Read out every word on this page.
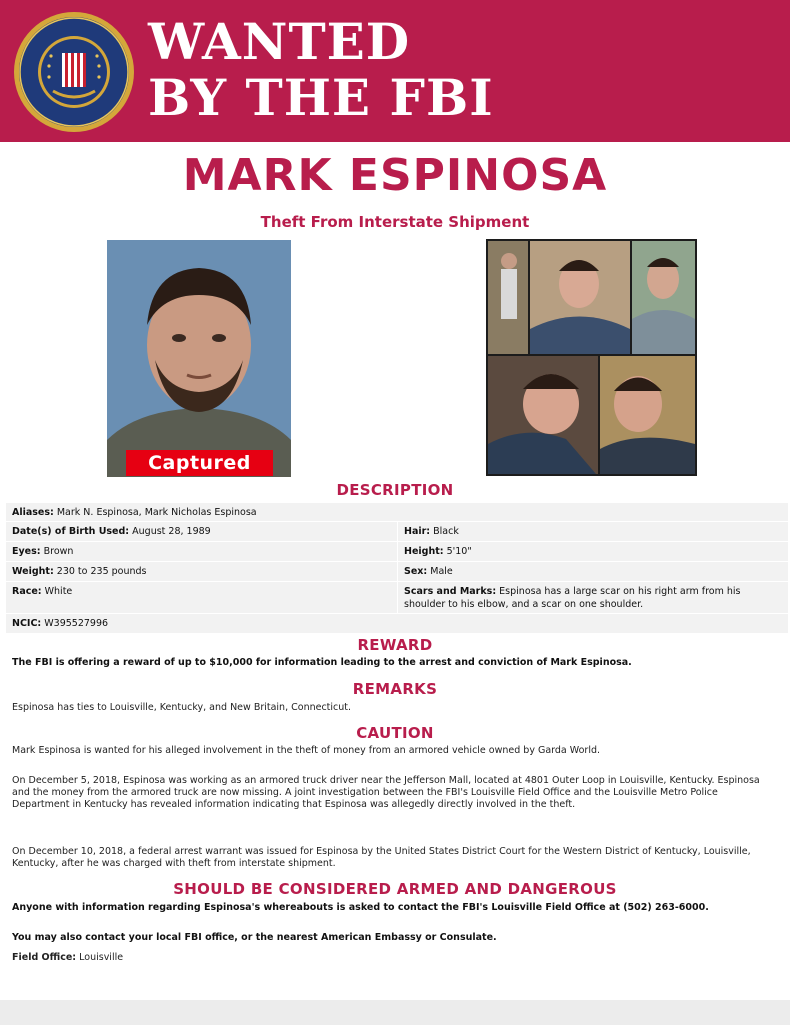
WANTED
BY THE FBI
MARK ESPINOSA
Theft From Interstate Shipment
Captured
DESCRIPTION
Aliases: Mark N. Espinosa, Mark Nicholas Espinosa
Date(s) of Birth Used: August 28, 1989	Hair: Black
Eyes: Brown	Height: 5'10"
Weight: 230 to 235 pounds	Sex: Male
Race: White	Scars and Marks: Espinosa has a large scar on his right arm from his shoulder to his elbow, and a scar on one shoulder.
NCIC: W395527996
REWARD
The FBI is offering a reward of up to $10,000 for information leading to the arrest and conviction of Mark Espinosa.
REMARKS
Espinosa has ties to Louisville, Kentucky, and New Britain, Connecticut.
CAUTION
Mark Espinosa is wanted for his alleged involvement in the theft of money from an armored vehicle owned by Garda World.
On December 5, 2018, Espinosa was working as an armored truck driver near the Jefferson Mall, located at 4801 Outer Loop in Louisville, Kentucky. Espinosa and the money from the armored truck are now missing. A joint investigation between the FBI's Louisville Field Office and the Louisville Metro Police Department in Kentucky has revealed information indicating that Espinosa was allegedly directly involved in the theft.
On December 10, 2018, a federal arrest warrant was issued for Espinosa by the United States District Court for the Western District of Kentucky, Louisville, Kentucky, after he was charged with theft from interstate shipment.
SHOULD BE CONSIDERED ARMED AND DANGEROUS
Anyone with information regarding Espinosa's whereabouts is asked to contact the FBI's Louisville Field Office at (502) 263-6000.
You may also contact your local FBI office, or the nearest American Embassy or Consulate.
Field Office: Louisville
